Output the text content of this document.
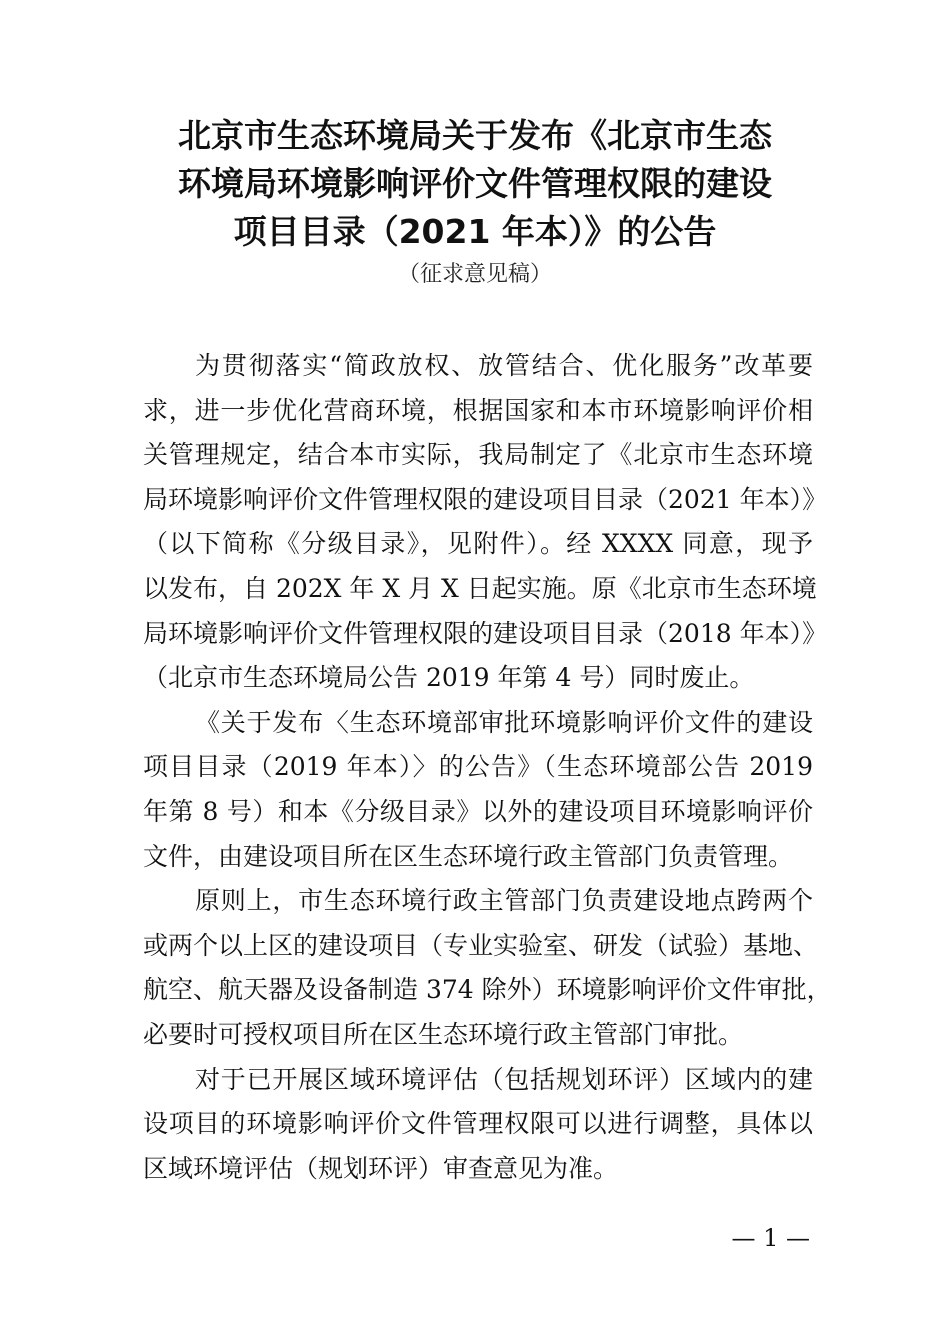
北京市生态环境局关于发布《北京市生态
环境局环境影响评价文件管理权限的建设
项目目录（2021 年本）》的公告
（征求意见稿）
为贯彻落实“简政放权、放管结合、优化服务”改革要
求，进一步优化营商环境，根据国家和本市环境影响评价相
关管理规定，结合本市实际，我局制定了《北京市生态环境
局环境影响评价文件管理权限的建设项目目录（2021 年本）》
（以下简称《分级目录》，见附件）。经 XXXX 同意，现予
以发布，自 202X 年 X 月 X 日起实施。原《北京市生态环境
局环境影响评价文件管理权限的建设项目目录（2018 年本）》
（北京市生态环境局公告 2019 年第 4 号）同时废止。
《关于发布〈生态环境部审批环境影响评价文件的建设
项目目录（2019 年本）〉的公告》（生态环境部公告 2019
年第 8 号）和本《分级目录》以外的建设项目环境影响评价
文件，由建设项目所在区生态环境行政主管部门负责管理。
原则上，市生态环境行政主管部门负责建设地点跨两个
或两个以上区的建设项目（专业实验室、研发（试验）基地、
航空、航天器及设备制造 374 除外）环境影响评价文件审批，
必要时可授权项目所在区生态环境行政主管部门审批。
对于已开展区域环境评估（包括规划环评）区域内的建
设项目的环境影响评价文件管理权限可以进行调整，具体以
区域环境评估（规划环评）审查意见为准。
— 1 —
